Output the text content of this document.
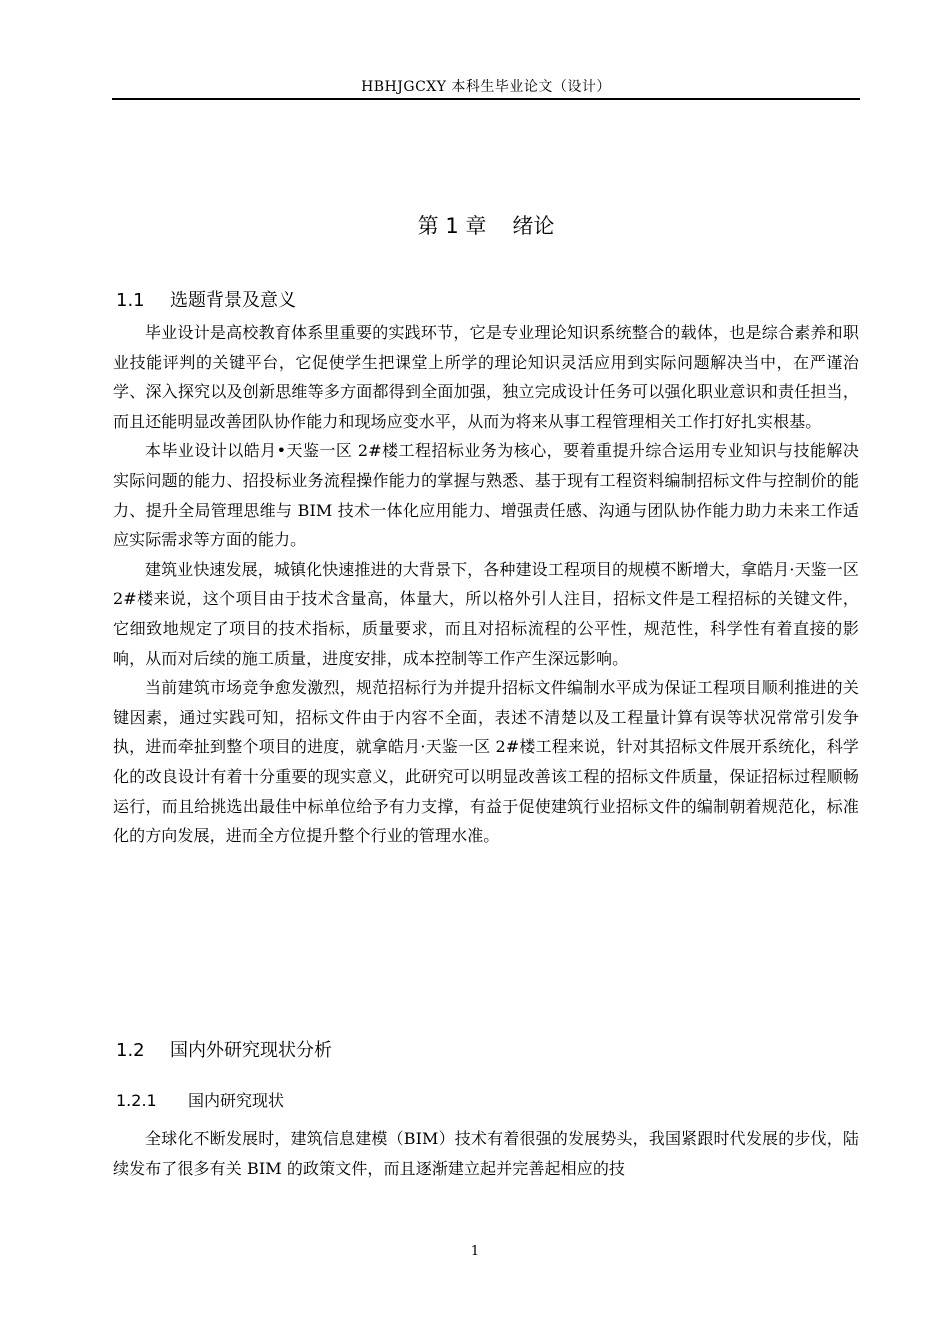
HBHJGCXY 本科生毕业论文（设计）
第 1 章 绪论
1.1 选题背景及意义

毕业设计是高校教育体系里重要的实践环节，它是专业理论知识系统整合的载体，也是综合素养和职业技能评判的关键平台，它促使学生把课堂上所学的理论知识灵活应用到实际问题解决当中，在严谨治学、深入探究以及创新思维等多方面都得到全面加强，独立完成设计任务可以强化职业意识和责任担当，而且还能明显改善团队协作能力和现场应变水平，从而为将来从事工程管理相关工作打好扎实根基。

本毕业设计以皓月•天鉴一区 2#楼工程招标业务为核心，要着重提升综合运用专业知识与技能解决实际问题的能力、招投标业务流程操作能力的掌握与熟悉、基于现有工程资料编制招标文件与控制价的能力、提升全局管理思维与 BIM 技术一体化应用能力、增强责任感、沟通与团队协作能力助力未来工作适应实际需求等方面的能力。

建筑业快速发展，城镇化快速推进的大背景下，各种建设工程项目的规模不断增大，拿皓月·天鉴一区 2#楼来说，这个项目由于技术含量高，体量大，所以格外引人注目，招标文件是工程招标的关键文件，它细致地规定了项目的技术指标，质量要求，而且对招标流程的公平性，规范性，科学性有着直接的影响，从而对后续的施工质量，进度安排，成本控制等工作产生深远影响。

当前建筑市场竞争愈发激烈，规范招标行为并提升招标文件编制水平成为保证工程项目顺利推进的关键因素，通过实践可知，招标文件由于内容不全面，表述不清楚以及工程量计算有误等状况常常引发争执，进而牵扯到整个项目的进度，就拿皓月·天鉴一区 2#楼工程来说，针对其招标文件展开系统化，科学化的改良设计有着十分重要的现实意义，此研究可以明显改善该工程的招标文件质量，保证招标过程顺畅运行，而且给挑选出最佳中标单位给予有力支撑，有益于促使建筑行业招标文件的编制朝着规范化，标准化的方向发展，进而全方位提升整个行业的管理水准。

1.2 国内外研究现状分析
1.2.1 国内研究现状

全球化不断发展时，建筑信息建模（BIM）技术有着很强的发展势头，我国紧跟时代发展的步伐，陆续发布了很多有关 BIM 的政策文件，而且逐渐建立起并完善起相应的技

1
